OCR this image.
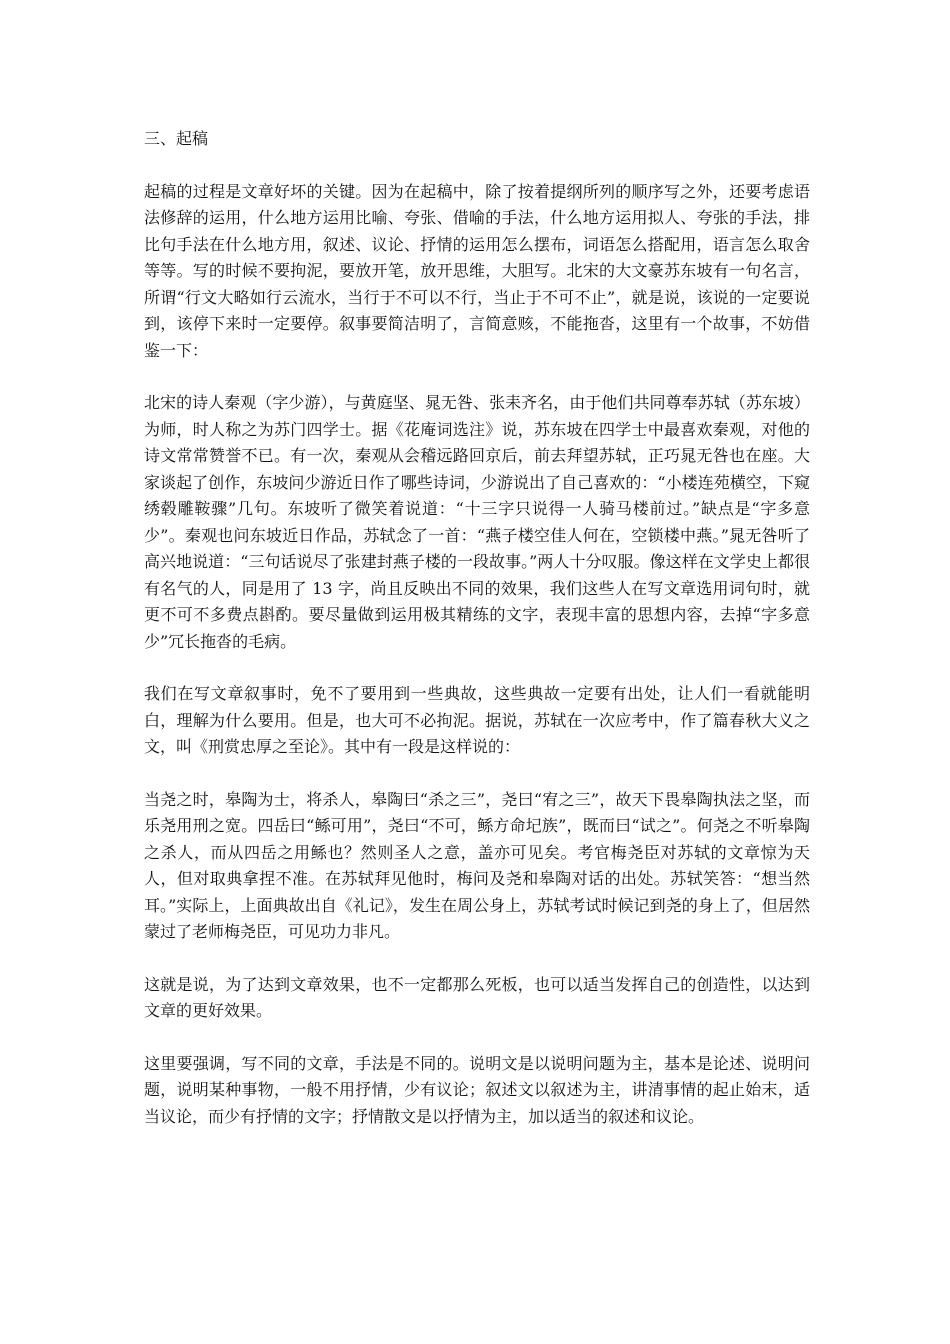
三、起稿

起稿的过程是文章好坏的关键。因为在起稿中，除了按着提纲所列的顺序写之外，还要考虑语法修辞的运用，什么地方运用比喻、夸张、借喻的手法，什么地方运用拟人、夸张的手法，排比句手法在什么地方用，叙述、议论、抒情的运用怎么摆布，词语怎么搭配用，语言怎么取舍等等。写的时候不要拘泥，要放开笔，放开思维，大胆写。北宋的大文豪苏东坡有一句名言，所谓“行文大略如行云流水，当行于不可以不行，当止于不可不止”，就是说，该说的一定要说到，该停下来时一定要停。叙事要简洁明了，言简意赅，不能拖沓，这里有一个故事，不妨借鉴一下：

北宋的诗人秦观（字少游），与黄庭坚、晁无咎、张耒齐名，由于他们共同尊奉苏轼（苏东坡）为师，时人称之为苏门四学士。据《花庵词选注》说，苏东坡在四学士中最喜欢秦观，对他的诗文常常赞誉不已。有一次，秦观从会稽远路回京后，前去拜望苏轼，正巧晁无咎也在座。大家谈起了创作，东坡问少游近日作了哪些诗词，少游说出了自己喜欢的：“小楼连苑横空，下窥绣毂雕鞍骤”几句。东坡听了微笑着说道：“十三字只说得一人骑马楼前过。”缺点是“字多意少”。秦观也问东坡近日作品，苏轼念了一首：“燕子楼空佳人何在，空锁楼中燕。”晁无咎听了高兴地说道：“三句话说尽了张建封燕子楼的一段故事。”两人十分叹服。像这样在文学史上都很有名气的人，同是用了 13 字，尚且反映出不同的效果，我们这些人在写文章选用词句时，就更不可不多费点斟酌。要尽量做到运用极其精练的文字，表现丰富的思想内容，去掉“字多意少”冗长拖沓的毛病。

我们在写文章叙事时，免不了要用到一些典故，这些典故一定要有出处，让人们一看就能明白，理解为什么要用。但是，也大可不必拘泥。据说，苏轼在一次应考中，作了篇春秋大义之文，叫《刑赏忠厚之至论》。其中有一段是这样说的：

当尧之时，皋陶为士，将杀人，皋陶曰“杀之三”，尧曰“宥之三”，故天下畏皋陶执法之坚，而乐尧用刑之宽。四岳曰“鲧可用”，尧曰“不可，鲧方命圮族”，既而曰“试之”。何尧之不听皋陶之杀人，而从四岳之用鲧也？然则圣人之意，盖亦可见矣。考官梅尧臣对苏轼的文章惊为天人，但对取典拿捏不准。在苏轼拜见他时，梅问及尧和皋陶对话的出处。苏轼笑答：“想当然耳。”实际上，上面典故出自《礼记》，发生在周公身上，苏轼考试时候记到尧的身上了，但居然蒙过了老师梅尧臣，可见功力非凡。

这就是说，为了达到文章效果，也不一定都那么死板，也可以适当发挥自己的创造性，以达到文章的更好效果。

这里要强调，写不同的文章，手法是不同的。说明文是以说明问题为主，基本是论述、说明问题，说明某种事物，一般不用抒情，少有议论；叙述文以叙述为主，讲清事情的起止始末，适当议论，而少有抒情的文字；抒情散文是以抒情为主，加以适当的叙述和议论。
